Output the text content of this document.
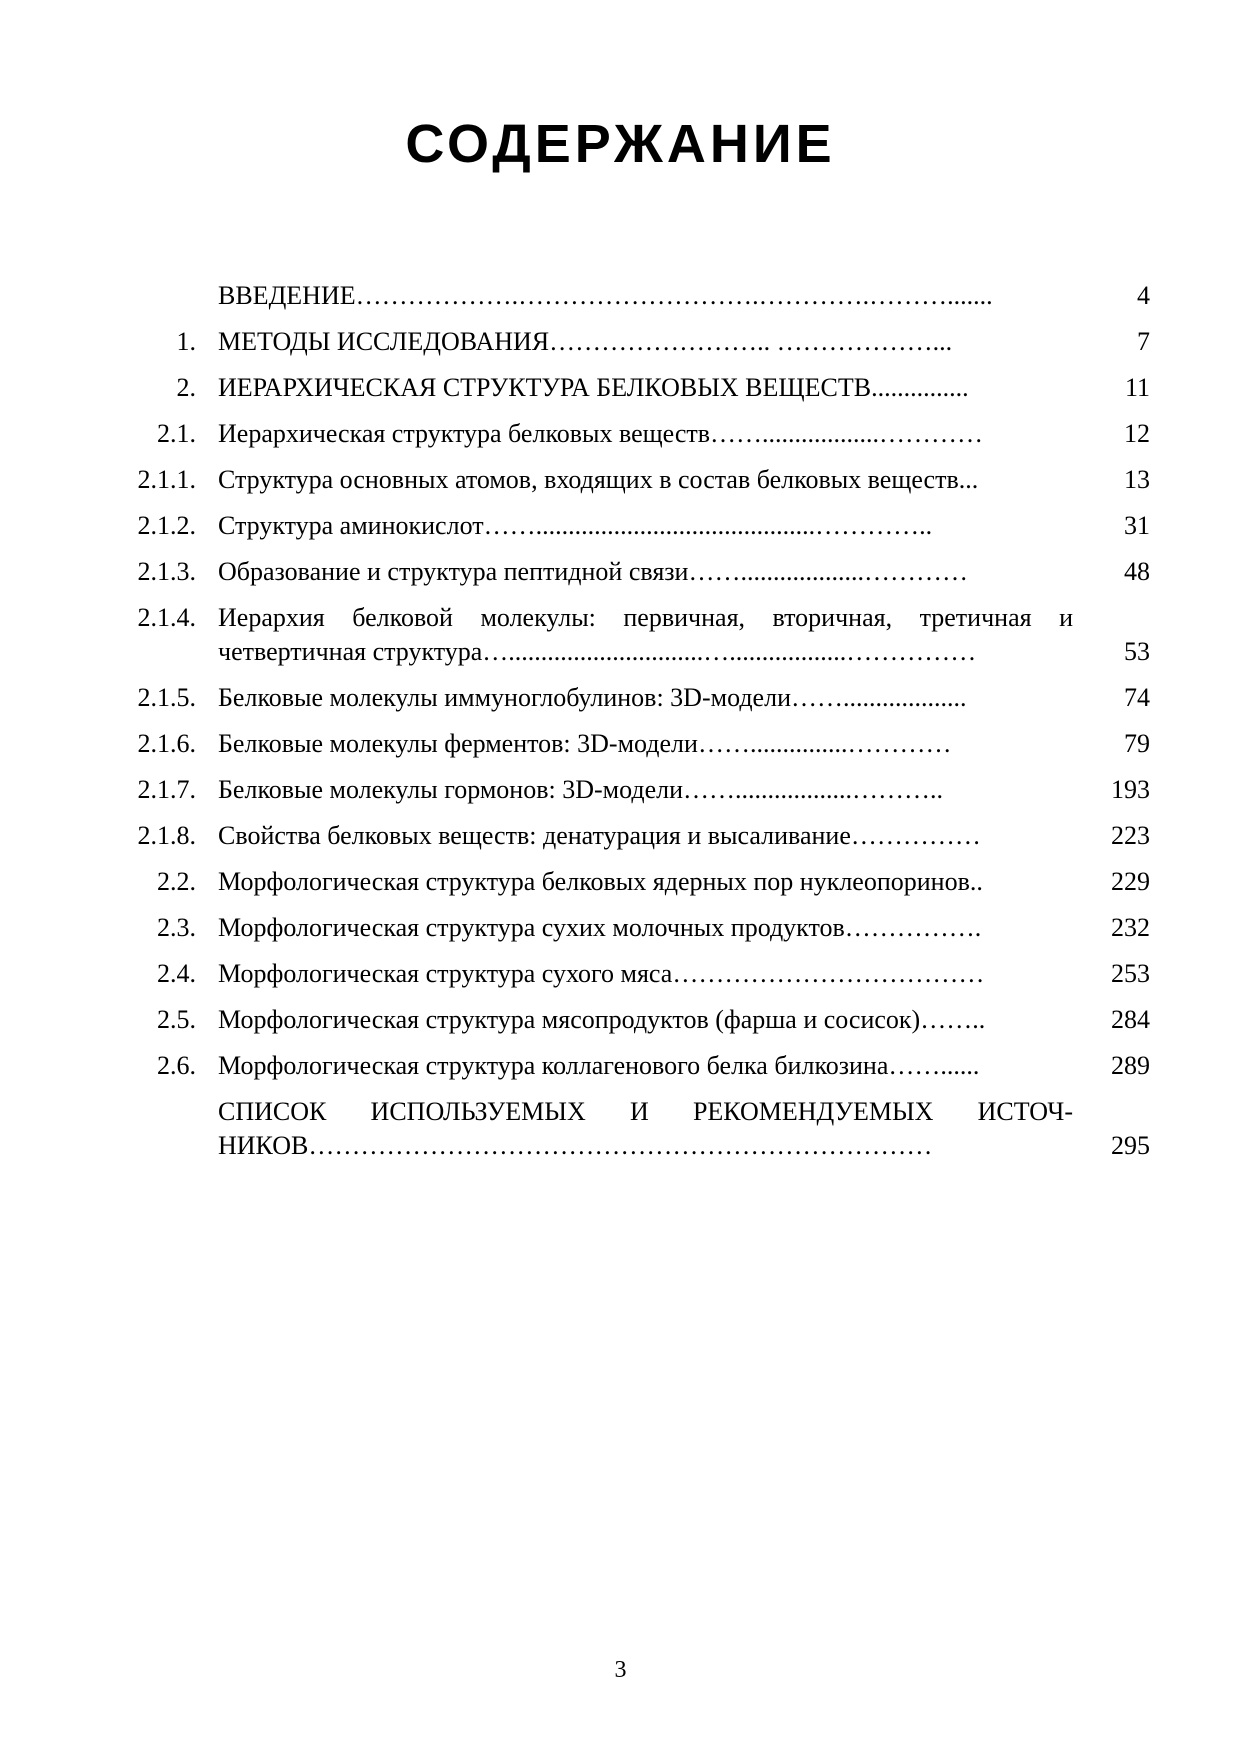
СОДЕРЖАНИЕ
ВВЕДЕНИЕ……………….……………………….………….……….......	4
1. МЕТОДЫ ИССЛЕДОВАНИЯ…………………….. ………………...	7
2. ИЕРАРХИЧЕСКАЯ СТРУКТУРА БЕЛКОВЫХ ВЕЩЕСТВ...............	11
2.1. Иерархическая структура белковых веществ……..................…………	12
2.1.1. Структура основных атомов, входящих в состав белковых веществ...	13
2.1.2. Структура аминокислот……...........................................…………..	31
2.1.3. Образование и структура пептидной связи……...................…………	48
2.1.4. Иерархия белковой молекулы: первичная, вторичная, третичная и
четвертичная структура…..............................…..................……………	53
2.1.5. Белковые молекулы иммуноглобулинов: 3D-модели……...................	74
2.1.6. Белковые молекулы ферментов: 3D-модели……...............…………	79
2.1.7. Белковые молекулы гормонов: 3D-модели……..................………..	193
2.1.8. Свойства белковых веществ: денатурация и высаливание……………	223
2.2. Морфологическая структура белковых ядерных пор нуклеопоринов..	229
2.3. Морфологическая структура сухих молочных продуктов…………….	232
2.4. Морфологическая структура сухого мяса………………………………	253
2.5. Морфологическая структура мясопродуктов (фарша и сосисок)……..	284
2.6. Морфологическая структура коллагенового белка билкозина……......	289
СПИСОК ИСПОЛЬЗУЕМЫХ И РЕКОМЕНДУЕМЫХ ИСТОЧ-
НИКОВ………………………………………………………………	295
3
